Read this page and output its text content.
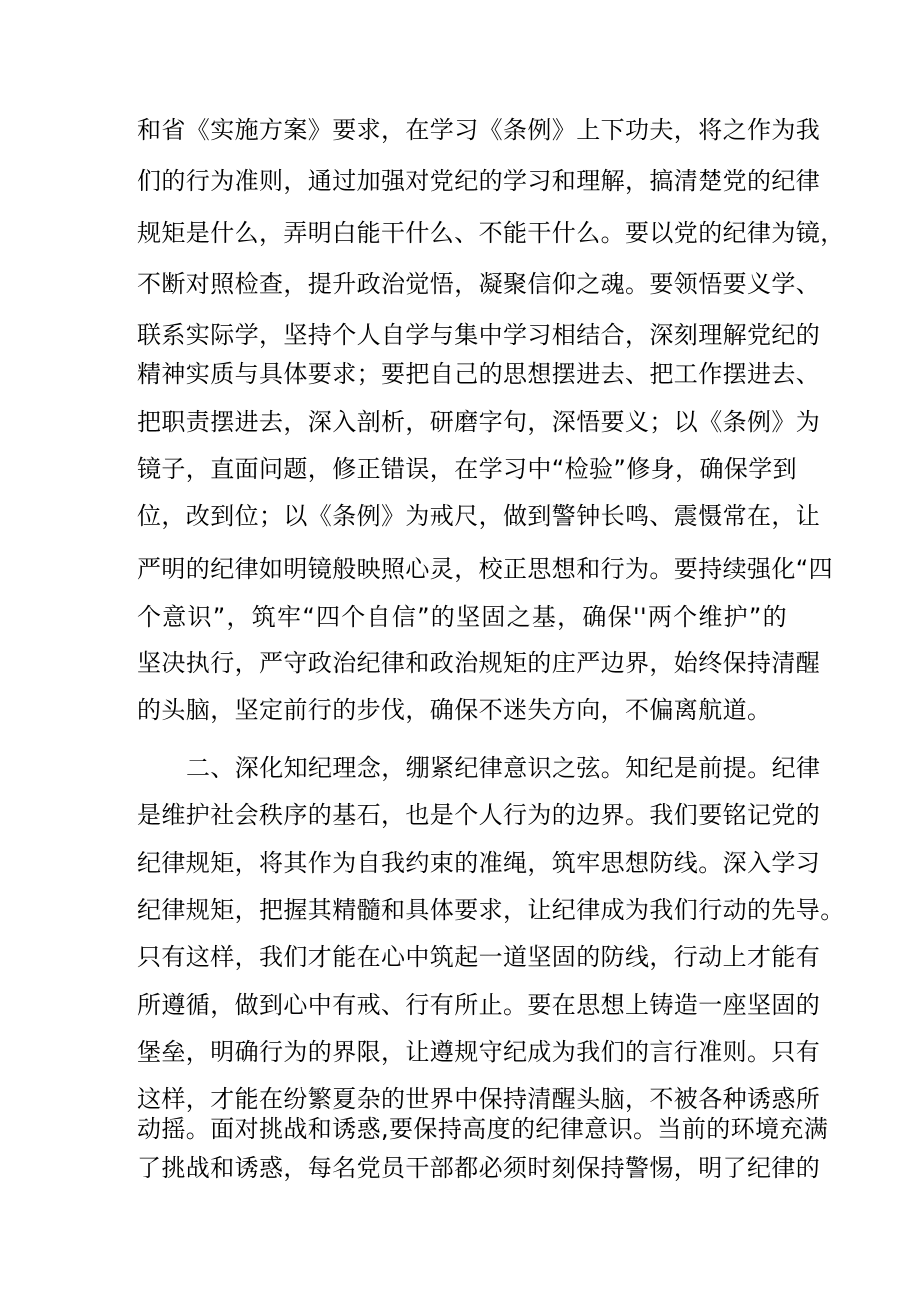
和省《实施方案》要求，在学习《条例》上下功夫，将之作为我
们的行为准则，通过加强对党纪的学习和理解，搞清楚党的纪律
规矩是什么，弄明白能干什么、不能干什么。要以党的纪律为镜，
不断对照检查，提升政治觉悟，凝聚信仰之魂。要领悟要义学、
联系实际学，坚持个人自学与集中学习相结合，深刻理解党纪的
精神实质与具体要求；要把自己的思想摆进去、把工作摆进去、
把职责摆进去，深入剖析，研磨字句，深悟要义；以《条例》为
镜子，直面问题，修正错误，在学习中“检验”修身，确保学到
位，改到位；以《条例》为戒尺，做到警钟长鸣、震慑常在，让
严明的纪律如明镜般映照心灵，校正思想和行为。要持续强化“四
个意识”，筑牢“四个自信”的坚固之基，确保''两个维护”的
坚决执行，严守政治纪律和政治规矩的庄严边界，始终保持清醒
的头脑，坚定前行的步伐，确保不迷失方向，不偏离航道。
二、深化知纪理念，绷紧纪律意识之弦。知纪是前提。纪律
是维护社会秩序的基石，也是个人行为的边界。我们要铭记党的
纪律规矩，将其作为自我约束的准绳，筑牢思想防线。深入学习
纪律规矩，把握其精髓和具体要求，让纪律成为我们行动的先导。
只有这样，我们才能在心中筑起一道坚固的防线，行动上才能有
所遵循，做到心中有戒、行有所止。要在思想上铸造一座坚固的
堡垒，明确行为的界限，让遵规守纪成为我们的言行准则。只有
这样，才能在纷繁夏杂的世界中保持清醒头脑，不被各种诱惑所
动摇。面对挑战和诱惑,要保持高度的纪律意识。当前的环境充满
了挑战和诱惑，每名党员干部都必须时刻保持警惕，明了纪律的
